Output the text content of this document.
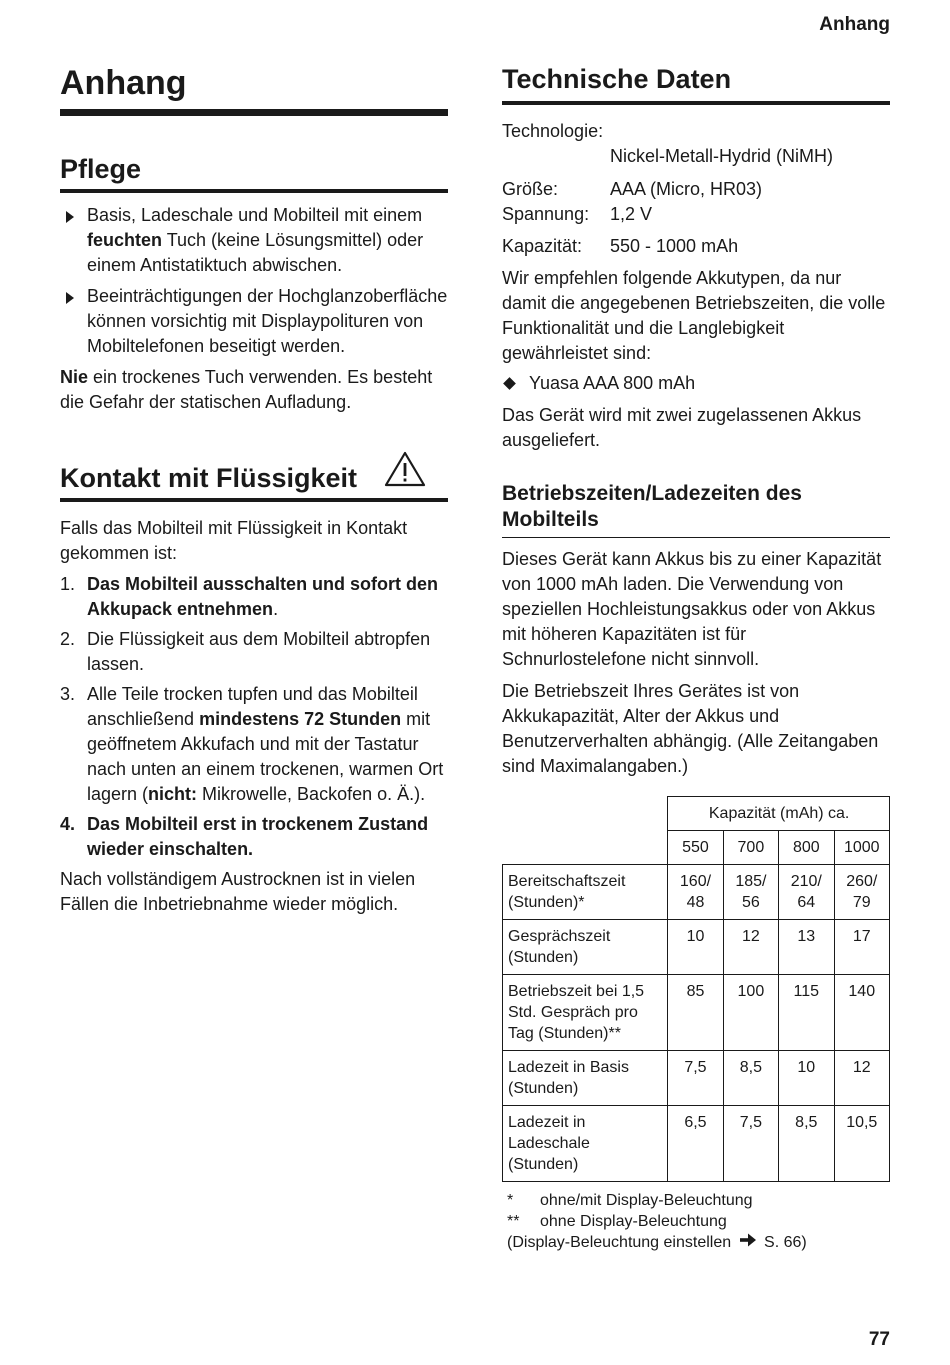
Anhang
Anhang
Pflege
Basis, Ladeschale und Mobilteil mit einem feuchten Tuch (keine Lösungsmittel) oder einem Antistatiktuch abwischen.
Beeinträchtigungen der Hochglanzoberfläche können vorsichtig mit Displaypolituren von Mobiltelefonen beseitigt werden.

Nie ein trockenes Tuch verwenden. Es besteht die Gefahr der statischen Aufladung.

Kontakt mit Flüssigkeit

Falls das Mobilteil mit Flüssigkeit in Kontakt gekommen ist:

1. Das Mobilteil ausschalten und sofort den Akkupack entnehmen.
2. Die Flüssigkeit aus dem Mobilteil abtropfen lassen.
3. Alle Teile trocken tupfen und das Mobilteil anschließend mindestens 72 Stunden mit geöffnetem Akkufach und mit der Tastatur nach unten an einem trockenen, warmen Ort lagern (nicht: Mikrowelle, Backofen o. Ä.).
4. Das Mobilteil erst in trockenem Zustand wieder einschalten.

Nach vollständigem Austrocknen ist in vielen Fällen die Inbetriebnahme wieder möglich.

Technische Daten

Technologie:

Nickel-Metall-Hydrid (NiMH)
Größe:	AAA (Micro, HR03)
Spannung:	1,2 V
Kapazität:	550 - 1000 mAh

Wir empfehlen folgende Akkutypen, da nur damit die angegebenen Betriebszeiten, die volle Funktionalität und die Langlebigkeit gewährleistet sind:

Yuasa AAA 800 mAh

Das Gerät wird mit zwei zugelassenen Akkus ausgeliefert.

Betriebszeiten/Ladezeiten des Mobilteils

Dieses Gerät kann Akkus bis zu einer Kapazität von 1000 mAh laden. Die Verwendung von speziellen Hochleistungsakkus oder von Akkus mit höheren Kapazitäten ist für Schnurlostelefone nicht sinnvoll.

Die Betriebszeit Ihres Gerätes ist von Akkukapazität, Alter der Akkus und Benutzerverhalten abhängig. (Alle Zeitangaben sind Maximalangaben.)

	Kapazität (mAh) ca.			
	550	700	800	1000
Bereitschaftszeit (Stunden)*	160/ 48	185/ 56	210/ 64	260/ 79
Gesprächszeit (Stunden)	10	12	13	17
Betriebszeit bei 1,5 Std. Gespräch pro Tag (Stunden)**	85	100	115	140
Ladezeit in Basis (Stunden)	7,5	8,5	10	12
Ladezeit in Ladeschale (Stunden)	6,5	7,5	8,5	10,5
*	ohne/mit Display-Beleuchtung
**	ohne Display-Beleuchtung
(Display-Beleuchtung einstellen S. 66)
77
